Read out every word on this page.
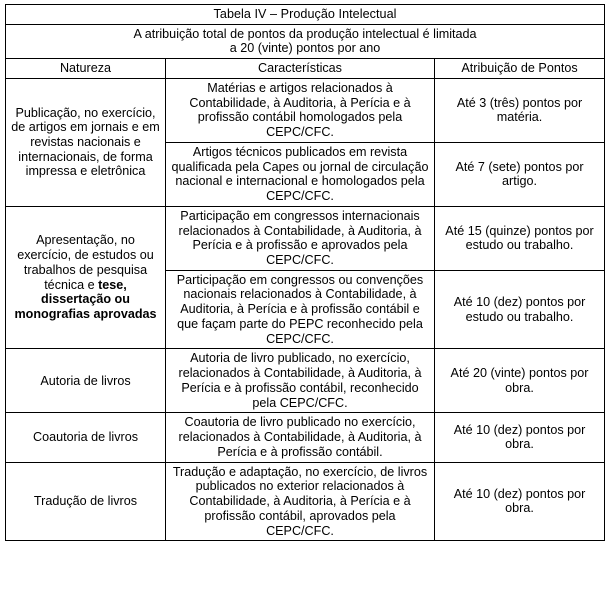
Tabela IV – Produção Intelectual		
A atribuição total de pontos da produção intelectual é limitada
a 20 (vinte) pontos por ano		
Natureza	Características	Atribuição de Pontos
Publicação, no exercício, de artigos em jornais e em revistas nacionais e internacionais, de forma impressa e eletrônica	Matérias e artigos relacionados à Contabilidade, à Auditoria, à Perícia e à profissão contábil homologados pela CEPC/CFC.	Até 3 (três) pontos por matéria.
	Artigos técnicos publicados em revista qualificada pela Capes ou jornal de circulação nacional e internacional e homologados pela CEPC/CFC.	Até 7 (sete) pontos por artigo.
Apresentação, no exercício, de estudos ou trabalhos de pesquisa técnica e tese, dissertação ou monografias aprovadas	Participação em congressos internacionais relacionados à Contabilidade, à Auditoria, à Perícia e à profissão e aprovados pela CEPC/CFC.	Até 15 (quinze) pontos por estudo ou trabalho.
	Participação em congressos ou convenções nacionais relacionados à Contabilidade, à Auditoria, à Perícia e à profissão contábil e que façam parte do PEPC reconhecido pela CEPC/CFC.	Até 10 (dez) pontos por estudo ou trabalho.
Autoria de livros	Autoria de livro publicado, no exercício, relacionados à Contabilidade, à Auditoria, à Perícia e à profissão contábil, reconhecido pela CEPC/CFC.	Até 20 (vinte) pontos por obra.
Coautoria de livros	Coautoria de livro publicado no exercício, relacionados à Contabilidade, à Auditoria, à Perícia e à profissão contábil.	Até 10 (dez) pontos por obra.
Tradução de livros	Tradução e adaptação, no exercício, de livros publicados no exterior relacionados à Contabilidade, à Auditoria, à Perícia e à profissão contábil, aprovados pela CEPC/CFC.	Até 10 (dez) pontos por obra.
